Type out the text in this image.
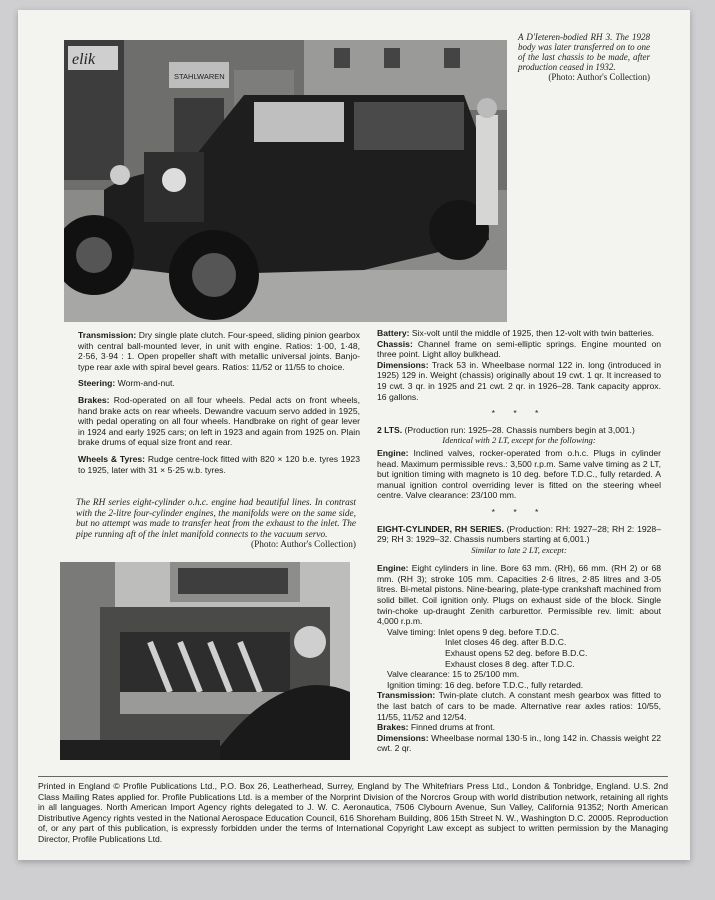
elik
STAHLWAREN
A D'Ieteren-bodied RH 3. The 1928 body was later transferred on to one of the last chassis to be made, after production ceased in 1932.
(Photo: Author's Collection)

Transmission: Dry single plate clutch. Four-speed, sliding pinion gearbox with central ball-mounted lever, in unit with engine. Ratios: 1·00, 1·48, 2·56, 3·94 : 1. Open propeller shaft with metallic universal joints. Banjo-type rear axle with spiral bevel gears. Ratios: 11/52 or 11/55 to choice.

Steering: Worm-and-nut.

Brakes: Rod-operated on all four wheels. Pedal acts on front wheels, hand brake acts on rear wheels. Dewandre vacuum servo added in 1925, with pedal operating on all four wheels. Handbrake on right of gear lever in 1924 and early 1925 cars; on left in 1923 and again from 1925 on. Plain brake drums of equal size front and rear.

Wheels & Tyres: Rudge centre-lock fitted with 820 × 120 b.e. tyres 1923 to 1925, later with 31 × 5·25 w.b. tyres.

The RH series eight-cylinder o.h.c. engine had beautiful lines. In contrast with the 2-litre four-cylinder engines, the manifolds were on the same side, but no attempt was made to transfer heat from the exhaust to the inlet. The pipe running aft of the inlet manifold connects to the vacuum servo.
(Photo: Author's Collection)

Battery: Six-volt until the middle of 1925, then 12-volt with twin batteries.

Chassis: Channel frame on semi-elliptic springs. Engine mounted on three point. Light alloy bulkhead.

Dimensions: Track 53 in. Wheelbase normal 122 in. long (introduced in 1925) 129 in. Weight (chassis) originally about 19 cwt. 1 qr. It increased to 19 cwt. 3 qr. in 1925 and 21 cwt. 2 qr. in 1926–28. Tank capacity approx. 16 gallons.

* * *

2 LTS. (Production run: 1925–28. Chassis numbers begin at 3,001.)

Identical with 2 LT, except for the following:

Engine: Inclined valves, rocker-operated from o.h.c. Plugs in cylinder head. Maximum permissible revs.: 3,500 r.p.m. Same valve timing as 2 LT, but ignition timing with magneto is 10 deg. before T.D.C., fully retarded. A manual ignition control overriding lever is fitted on the steering wheel centre. Valve clearance: 23/100 mm.

* * *

EIGHT-CYLINDER, RH SERIES. (Production: RH: 1927–28; RH 2: 1928–29; RH 3: 1929–32. Chassis numbers starting at 6,001.)

Similar to late 2 LT, except:

Engine: Eight cylinders in line. Bore 63 mm. (RH), 66 mm. (RH 2) or 68 mm. (RH 3); stroke 105 mm. Capacities 2·6 litres, 2·85 litres and 3·05 litres. Bi-metal pistons. Nine-bearing, plate-type crankshaft machined from solid billet. Coil ignition only. Plugs on exhaust side of the block. Single twin-choke up-draught Zenith carburettor. Permissible rev. limit: about 4,000 r.p.m.

Valve timing: Inlet opens 9 deg. before T.D.C.
Inlet closes 46 deg. after B.D.C.
Exhaust opens 52 deg. before B.D.C.
Exhaust closes 8 deg. after T.D.C.
Valve clearance: 15 to 25/100 mm.
Ignition timing: 16 deg. before T.D.C., fully retarded.

Transmission: Twin-plate clutch. A constant mesh gearbox was fitted to the last batch of cars to be made. Alternative rear axles ratios: 10/55, 11/55, 11/52 and 12/54.

Brakes: Finned drums at front.

Dimensions: Wheelbase normal 130·5 in., long 142 in. Chassis weight 22 cwt. 2 qr.

Printed in England © Profile Publications Ltd., P.O. Box 26, Leatherhead, Surrey, England by The Whitefriars Press Ltd., London & Tonbridge, England. U.S. 2nd Class Mailing Rates applied for. Profile Publications Ltd. is a member of the Norprint Division of the Norcros Group with world distribution network, retaining all rights in all languages. North American Import Agency rights delegated to J. W. C. Aeronautica, 7506 Clybourn Avenue, Sun Valley, California 91352; North American Distributive Agency rights vested in the National Aerospace Education Council, 616 Shoreham Building, 806 15th Street N. W., Washington D.C. 20005. Reproduction of, or any part of this publication, is expressly forbidden under the terms of International Copyright Law except as subject to written permission by the Managing Director, Profile Publications Ltd.
